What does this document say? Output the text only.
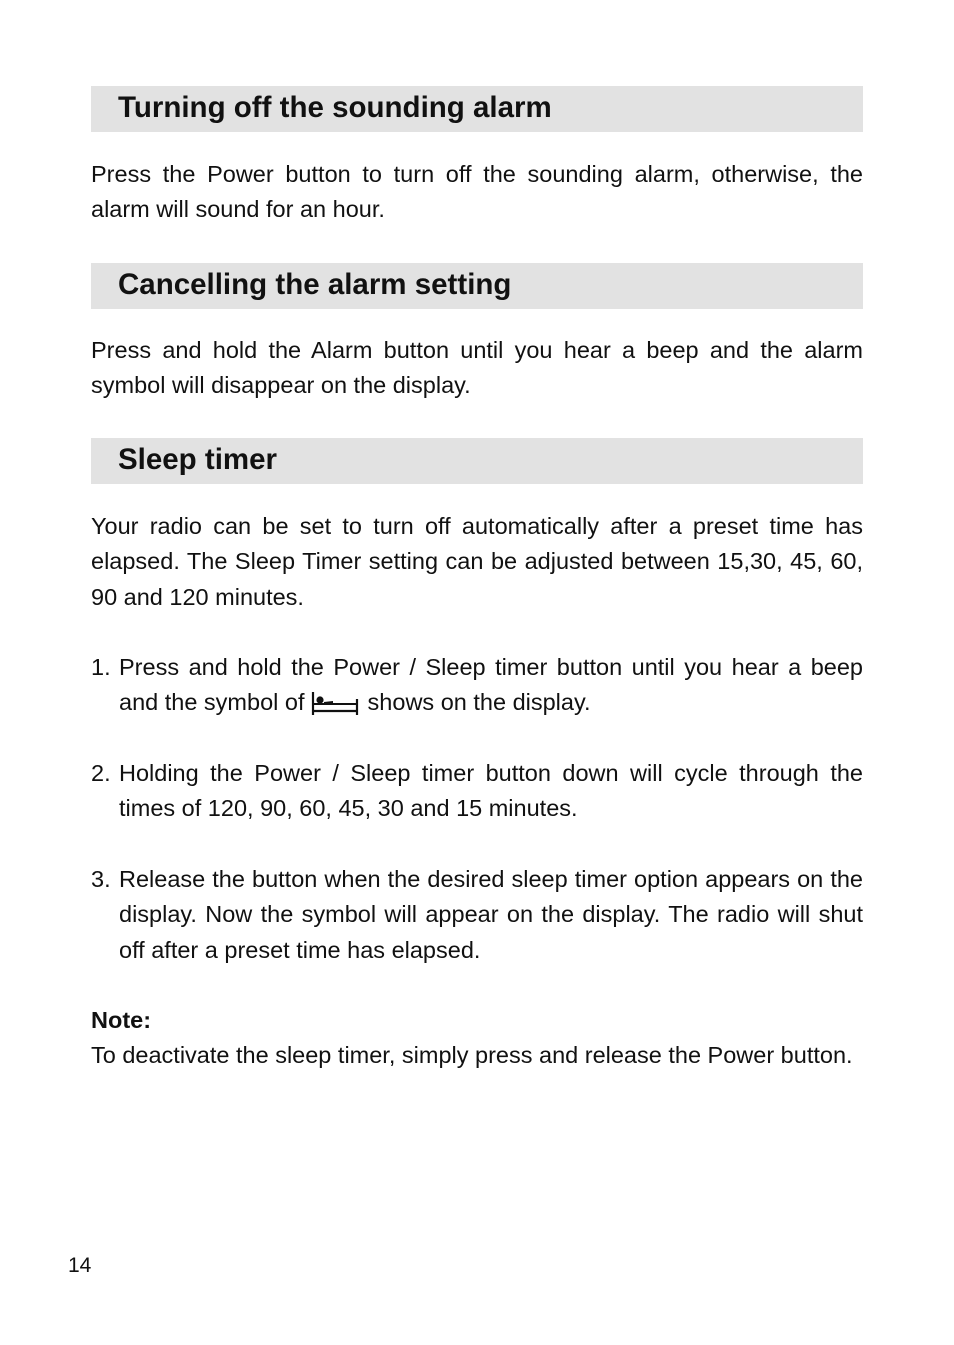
Turning off the sounding alarm

Press the Power button to turn off the sounding alarm, otherwise, the alarm will sound for an hour.

Cancelling the alarm setting

Press and hold the Alarm button until you hear a beep and the alarm symbol will disappear on the display.

Sleep timer

Your radio can be set to turn off automatically after a preset time has elapsed. The Sleep Timer setting can be adjusted between 15,30, 45, 60, 90 and 120 minutes.

1. Press and hold the Power / Sleep timer button until you hear a beep and the symbol of  shows on the display.
2. Holding the Power / Sleep timer button down will cycle through the times of 120, 90, 60, 45, 30 and 15 minutes.
3. Release the button when the desired sleep timer option appears on the display. Now the symbol will appear on the display. The radio will shut off after a preset time has elapsed.
Note:

To deactivate the sleep timer, simply press and release the Power button.

14
